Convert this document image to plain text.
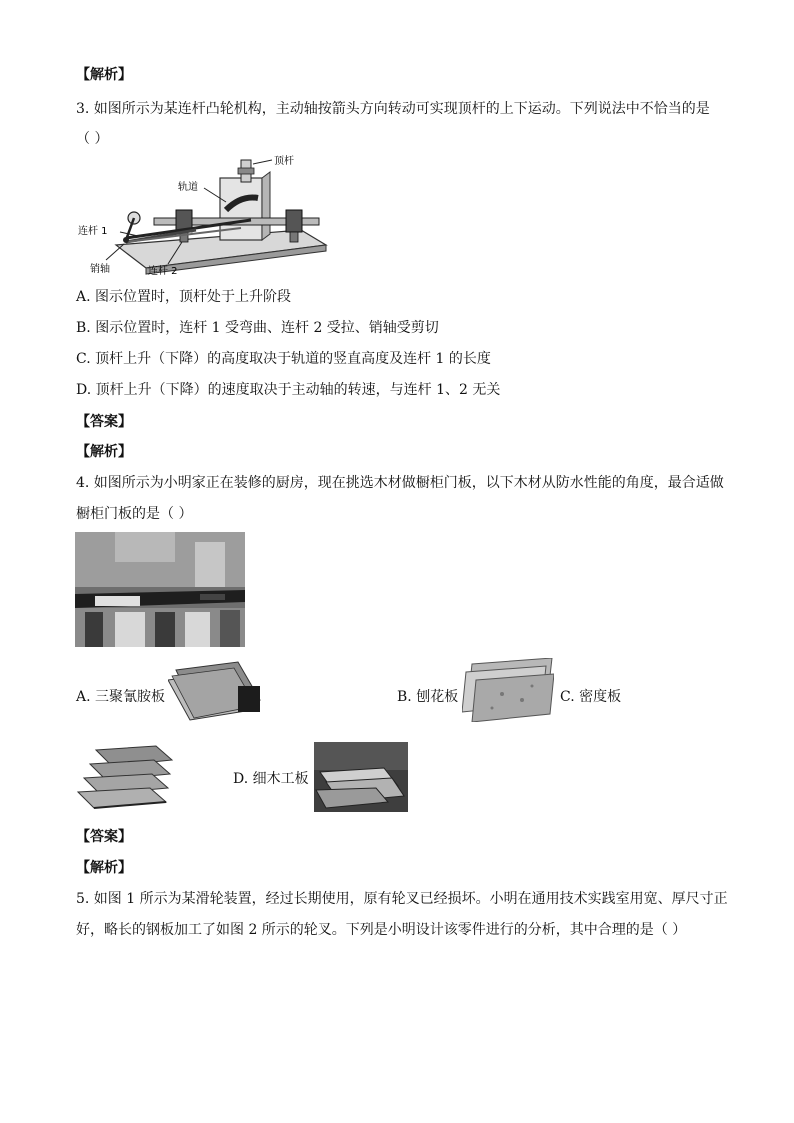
【解析】
3. 如图所示为某连杆凸轮机构，主动轴按箭头方向转动可实现顶杆的上下运动。下列说法中不恰当的是
（ ）
顶杆
轨道
连杆 1
销轴	连杆 2
A. 图示位置时，顶杆处于上升阶段
B. 图示位置时，连杆 1 受弯曲、连杆 2 受拉、销轴受剪切
C. 顶杆上升（下降）的高度取决于轨道的竖直高度及连杆 1 的长度
D. 顶杆上升（下降）的速度取决于主动轴的转速，与连杆 1、2 无关
【答案】
【解析】
4. 如图所示为小明家正在装修的厨房，现在挑选木材做橱柜门板，以下木材从防水性能的角度，最合适做
橱柜门板的是（ ）
A. 三聚氰胺板	B. 刨花板	C. 密度板
D. 细木工板
【答案】
【解析】
5. 如图 1 所示为某滑轮装置，经过长期使用，原有轮叉已经损坏。小明在通用技术实践室用宽、厚尺寸正
好，略长的钢板加工了如图 2 所示的轮叉。下列是小明设计该零件进行的分析，其中合理的是（ ）
